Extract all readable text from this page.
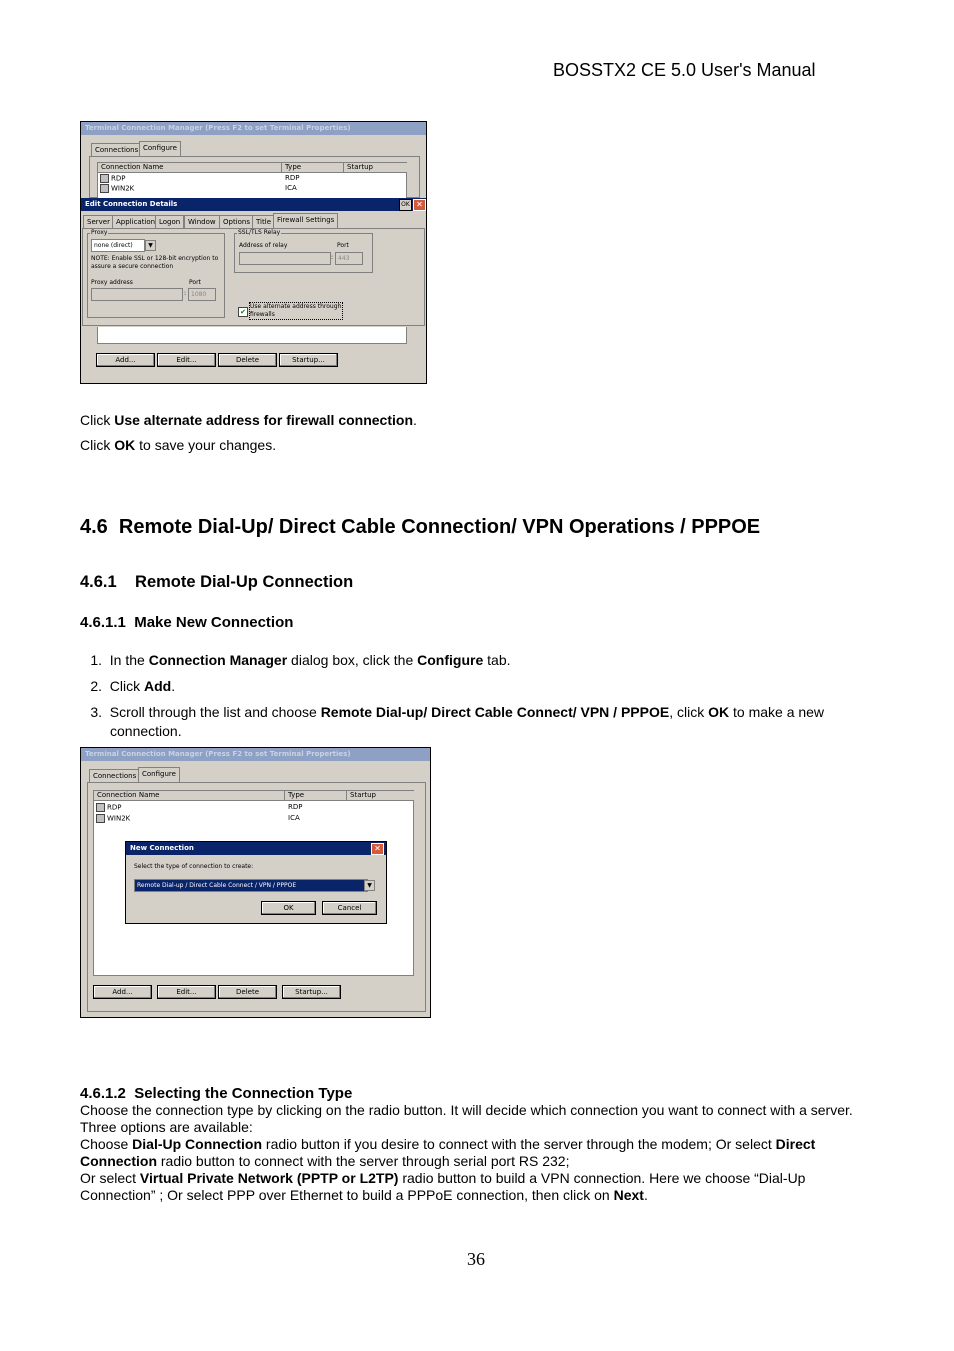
BOSSTX2 CE 5.0 User's Manual
Terminal Connection Manager (Press F2 to set Terminal Properties)
Connections Configure
Connection Name	Type	Startup
RDP	RDP
WIN2K	ICA
Edit Connection Details	OK ✕
Server Application Logon	Window	Options Title Firewall Settings
Proxy
none (direct)	▼
NOTE: Enable SSL or 128-bit encryption to assure a secure connection
Proxy address	Port
: 1080
SSL/TLS Relay
Address of relay	Port
: 443
✔
Use alternate address through firewalls
Add...	Edit...	Delete	Startup...
Click Use alternate address for firewall connection.
Click OK to save your changes.
4.6  Remote Dial-Up/ Direct Cable Connection/ VPN Operations / PPPOE
4.6.1    Remote Dial-Up Connection
4.6.1.1  Make New Connection
1. In the Connection Manager dialog box, click the Configure tab.
2. Click Add.
3. Scroll through the list and choose Remote Dial-up/ Direct Cable Connect/ VPN / PPPOE, click OK to make a new
connection.
Terminal Connection Manager (Press F2 to set Terminal Properties)
Connections Configure
Connection Name	Type	Startup
RDP	RDP
WIN2K	ICA
New Connection	✕
Select the type of connection to create:
Remote Dial-up / Direct Cable Connect / VPN / PPPOE	▼
OK	Cancel
Add...	Edit...	Delete	Startup...
4.6.1.2  Selecting the Connection Type
Choose the connection type by clicking on the radio button. It will decide which connection you want to connect with a server. Three options are available:
Choose Dial-Up Connection radio button if you desire to connect with the server through the modem; Or select Direct Connection radio button to connect with the server through serial port RS 232;
Or select Virtual Private Network (PPTP or L2TP) radio button to build a VPN connection. Here we choose “Dial-Up Connection” ; Or select PPP over Ethernet to build a PPPoE connection, then click on Next.
36
